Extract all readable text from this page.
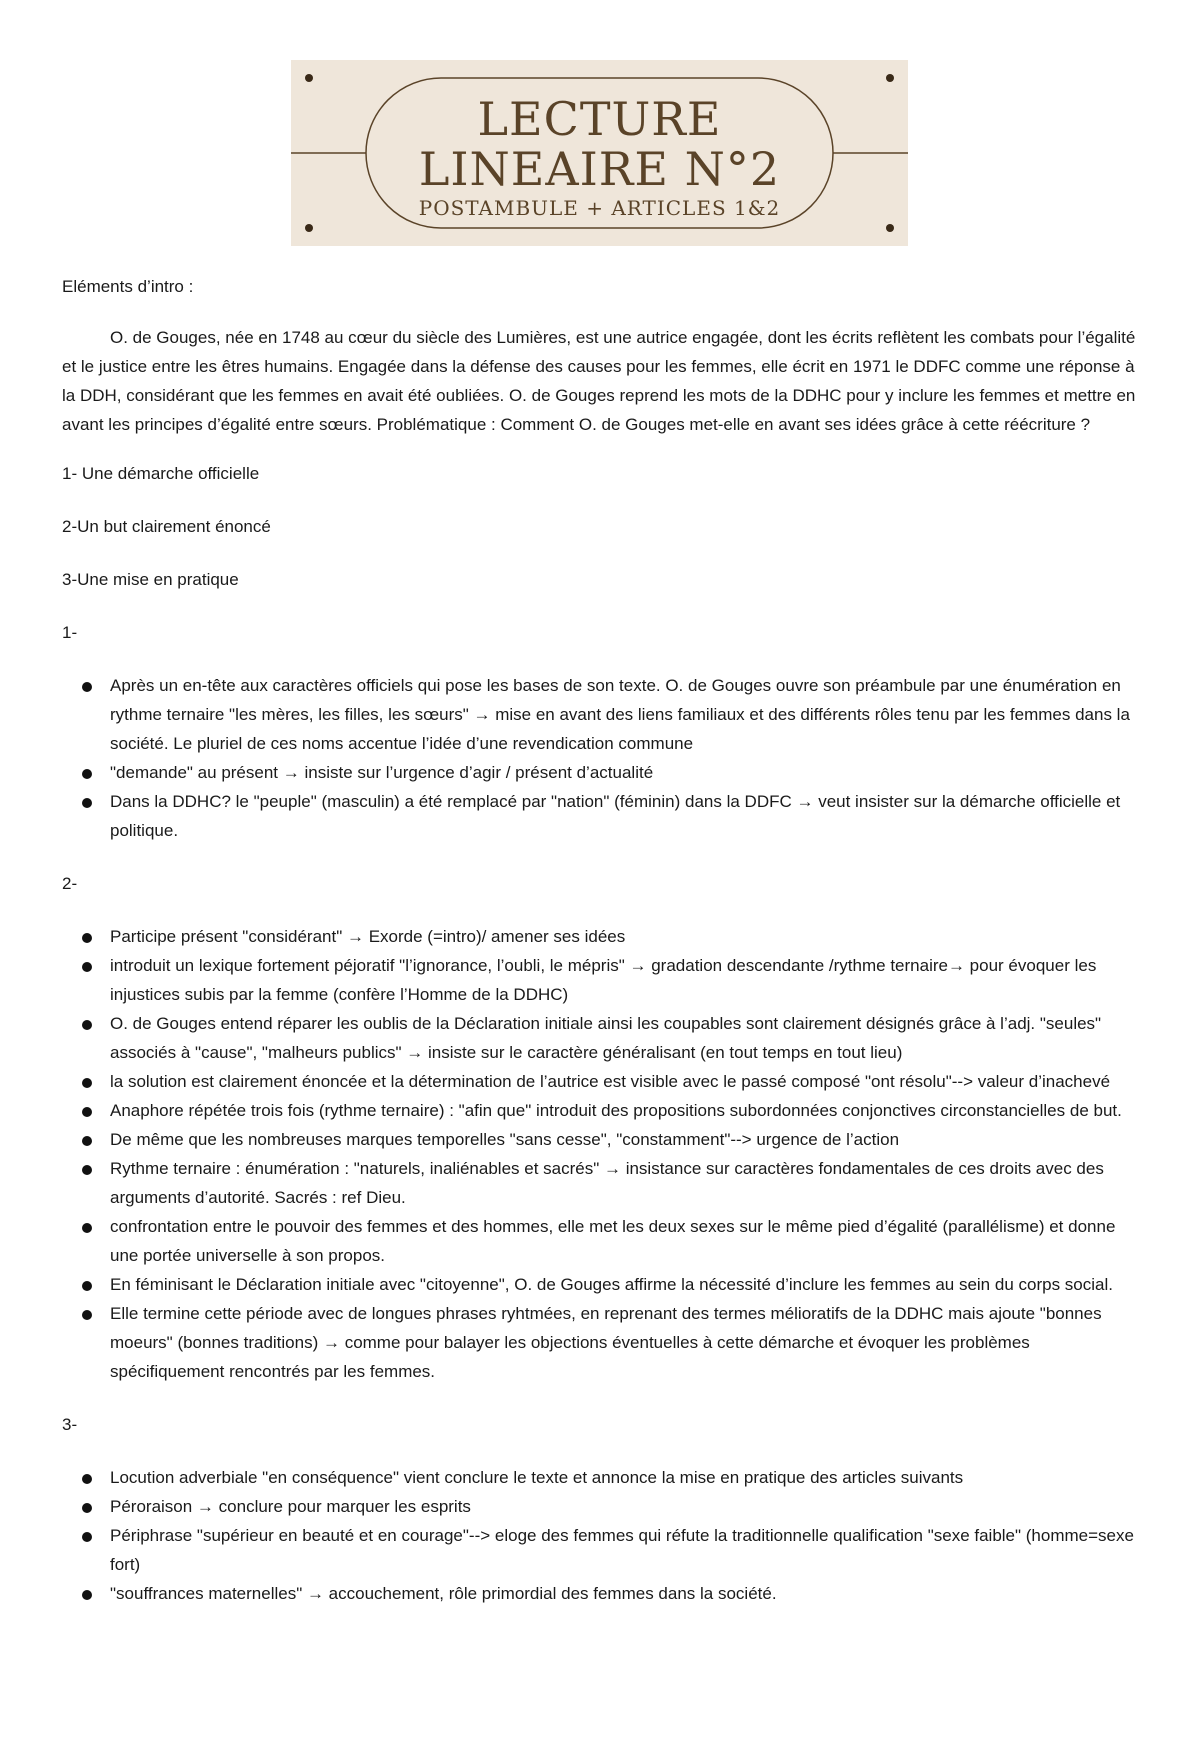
LECTURE
LINEAIRE N°2
POSTAMBULE + ARTICLES 1&2

Eléments d’intro :

O. de Gouges, née en 1748 au cœur du siècle des Lumières, est une autrice engagée, dont les écrits reflètent les combats pour l’égalité et le justice entre les êtres humains. Engagée dans la défense des causes pour les femmes, elle écrit en 1971 le DDFC comme une réponse à la DDH, considérant que les femmes en avait été oubliées. O. de Gouges reprend les mots de la DDHC pour y inclure les femmes et mettre en avant les principes d’égalité entre sœurs. Problématique : Comment O. de Gouges met-elle en avant ses idées grâce à cette réécriture ?

1- Une démarche officielle

2-Un but clairement énoncé

3-Une mise en pratique

1-

Après un en-tête aux caractères officiels qui pose les bases de son texte. O. de Gouges ouvre son préambule par une énumération en rythme ternaire "les mères, les filles, les sœurs" → mise en avant des liens familiaux et des différents rôles tenu par les femmes dans la société. Le pluriel de ces noms accentue l’idée d’une revendication commune
"demande" au présent → insiste sur l’urgence d’agir / présent d’actualité
Dans la DDHC? le "peuple" (masculin) a été remplacé par "nation" (féminin) dans la DDFC → veut insister sur la démarche officielle et politique.

2-

Participe présent "considérant" → Exorde (=intro)/ amener ses idées
introduit un lexique fortement péjoratif "l’ignorance, l’oubli, le mépris" → gradation descendante /rythme ternaire→ pour évoquer les injustices subis par la femme (confère l’Homme de la DDHC)
O. de Gouges entend réparer les oublis de la Déclaration initiale ainsi les coupables sont clairement désignés grâce à l’adj. "seules" associés à "cause", "malheurs publics" → insiste sur le caractère généralisant (en tout temps en tout lieu)
la solution est clairement énoncée et la détermination de l’autrice est visible avec le passé composé "ont résolu"--> valeur d’inachevé
Anaphore répétée trois fois (rythme ternaire) : "afin que" introduit des propositions subordonnées conjonctives circonstancielles de but.
De même que les nombreuses marques temporelles "sans cesse", "constamment"--> urgence de l’action
Rythme ternaire : énumération : "naturels, inaliénables et sacrés" → insistance sur caractères fondamentales de ces droits avec des arguments d’autorité. Sacrés : ref Dieu.
confrontation entre le pouvoir des femmes et des hommes, elle met les deux sexes sur le même pied d’égalité (parallélisme) et donne une portée universelle à son propos.
En féminisant le Déclaration initiale avec "citoyenne", O. de Gouges affirme la nécessité d’inclure les femmes au sein du corps social.
Elle termine cette période avec de longues phrases ryhtmées, en reprenant des termes mélioratifs de la DDHC mais ajoute "bonnes moeurs" (bonnes traditions) → comme pour balayer les objections éventuelles à cette démarche et évoquer les problèmes spécifiquement rencontrés par les femmes.

3-

Locution adverbiale "en conséquence" vient conclure le texte et annonce la mise en pratique des articles suivants
Péroraison → conclure pour marquer les esprits
Périphrase "supérieur en beauté et en courage"--> eloge des femmes qui réfute la traditionnelle qualification "sexe faible" (homme=sexe fort)
"souffrances maternelles" → accouchement, rôle primordial des femmes dans la société.
